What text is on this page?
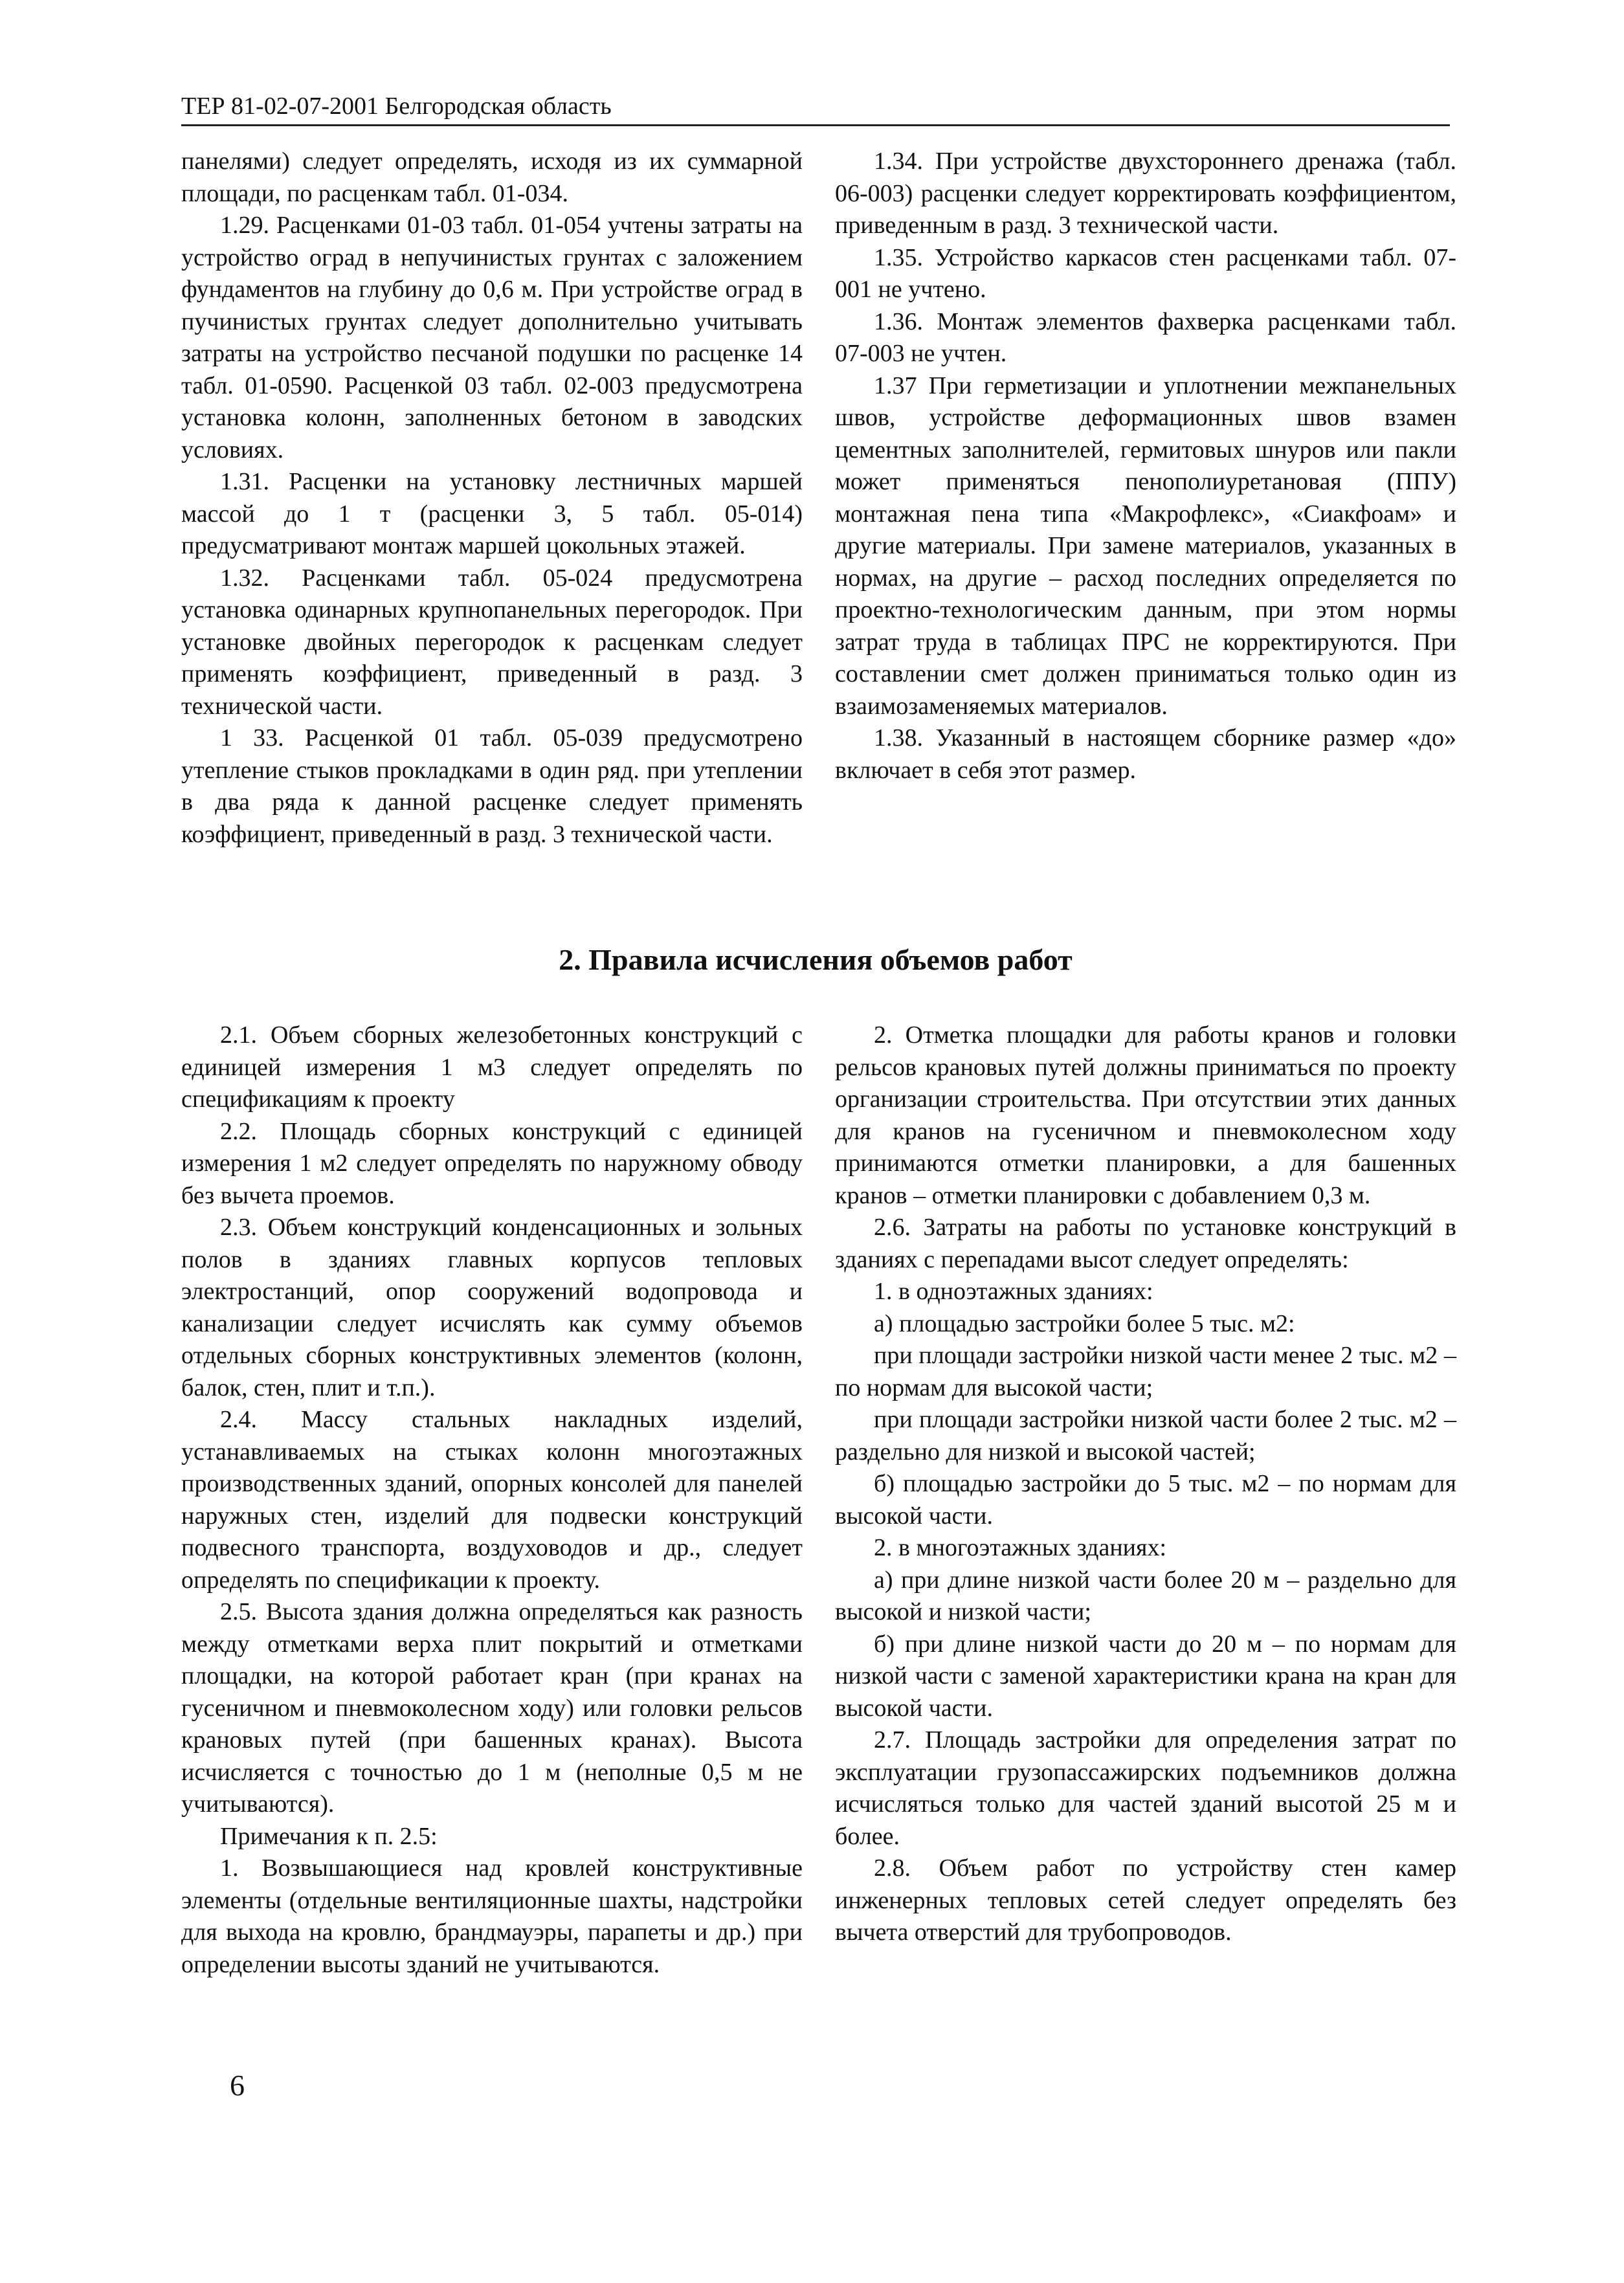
ТЕР 81-02-07-2001 Белгородская область

панелями) следует определять, исходя из их суммарной площади, по расценкам табл. 01-034.

1.29. Расценками 01-03 табл. 01-054 учтены затраты на устройство оград в непучинистых грунтах с заложением фундаментов на глубину до 0,6 м. При устройстве оград в пучинистых грунтах следует дополнительно учитывать затраты на устройство песчаной подушки по расценке 14 табл. 01-0590. Расценкой 03 табл. 02-003 предусмотрена установка колонн, заполненных бетоном в заводских условиях.

1.31. Расценки на установку лестничных маршей массой до 1 т (расценки 3, 5 табл. 05-014) предусматривают монтаж маршей цокольных этажей.

1.32. Расценками табл. 05-024 предусмотрена установка одинарных крупнопанельных перегородок. При установке двойных перегородок к расценкам следует применять коэффициент, приведенный в разд. 3 технической части.

1 33. Расценкой 01 табл. 05-039 предусмотрено утепление стыков прокладками в один ряд. при утеплении в два ряда к данной расценке следует применять коэффициент, приведенный в разд. 3 технической части.

1.34. При устройстве двухстороннего дренажа (табл. 06-003) расценки следует корректировать коэффициентом, приведенным в разд. 3 технической части.

1.35. Устройство каркасов стен расценками табл. 07-001 не учтено.

1.36. Монтаж элементов фахверка расценками табл. 07-003 не учтен.

1.37 При герметизации и уплотнении межпанельных швов, устройстве деформационных швов взамен цементных заполнителей, гермитовых шнуров или пакли может применяться пенополиуретановая (ППУ) монтажная пена типа «Макрофлекс», «Сиакфоам» и другие материалы. При замене материалов, указанных в нормах, на другие – расход последних определяется по проектно-технологическим данным, при этом нормы затрат труда в таблицах ПРС не корректируются. При составлении смет должен приниматься только один из взаимозаменяемых материалов.

1.38. Указанный в настоящем сборнике размер «до» включает в себя этот размер.

2. Правила исчисления объемов работ

2.1. Объем сборных железобетонных конструкций с единицей измерения 1 м3 следует определять по спецификациям к проекту

2.2. Площадь сборных конструкций с единицей измерения 1 м2 следует определять по наружному обводу без вычета проемов.

2.3. Объем конструкций конденсационных и зольных полов в зданиях главных корпусов тепловых электростанций, опор сооружений водопровода и канализации следует исчислять как сумму объемов отдельных сборных конструктивных элементов (колонн, балок, стен, плит и т.п.).

2.4. Массу стальных накладных изделий, устанавливаемых на стыках колонн многоэтажных производственных зданий, опорных консолей для панелей наружных стен, изделий для подвески конструкций подвесного транспорта, воздуховодов и др., следует определять по спецификации к проекту.

2.5. Высота здания должна определяться как разность между отметками верха плит покрытий и отметками площадки, на которой работает кран (при кранах на гусеничном и пневмоколесном ходу) или головки рельсов крановых путей (при башенных кранах). Высота исчисляется с точностью до 1 м (неполные 0,5 м не учитываются).

Примечания к п. 2.5:

1. Возвышающиеся над кровлей конструктивные элементы (отдельные вентиляционные шахты, надстройки для выхода на кровлю, брандмауэры, парапеты и др.) при определении высоты зданий не учитываются.

2. Отметка площадки для работы кранов и головки рельсов крановых путей должны приниматься по проекту организации строительства. При отсутствии этих данных для кранов на гусеничном и пневмоколесном ходу принимаются отметки планировки, а для башенных кранов – отметки планировки с добавлением 0,3 м.

2.6. Затраты на работы по установке конструкций в зданиях с перепадами высот следует определять:

1. в одноэтажных зданиях:

а) площадью застройки более 5 тыс. м2:

при площади застройки низкой части менее 2 тыс. м2 – по нормам для высокой части;

при площади застройки низкой части более 2 тыс. м2 – раздельно для низкой и высокой частей;

б) площадью застройки до 5 тыс. м2 – по нормам для высокой части.

2. в многоэтажных зданиях:

а) при длине низкой части более 20 м – раздельно для высокой и низкой части;

б) при длине низкой части до 20 м – по нормам для низкой части с заменой характеристики крана на кран для высокой части.

2.7. Площадь застройки для определения затрат по эксплуатации грузопассажирских подъемников должна исчисляться только для частей зданий высотой 25 м и более.

2.8. Объем работ по устройству стен камер инженерных тепловых сетей следует определять без вычета отверстий для трубопроводов.

6
